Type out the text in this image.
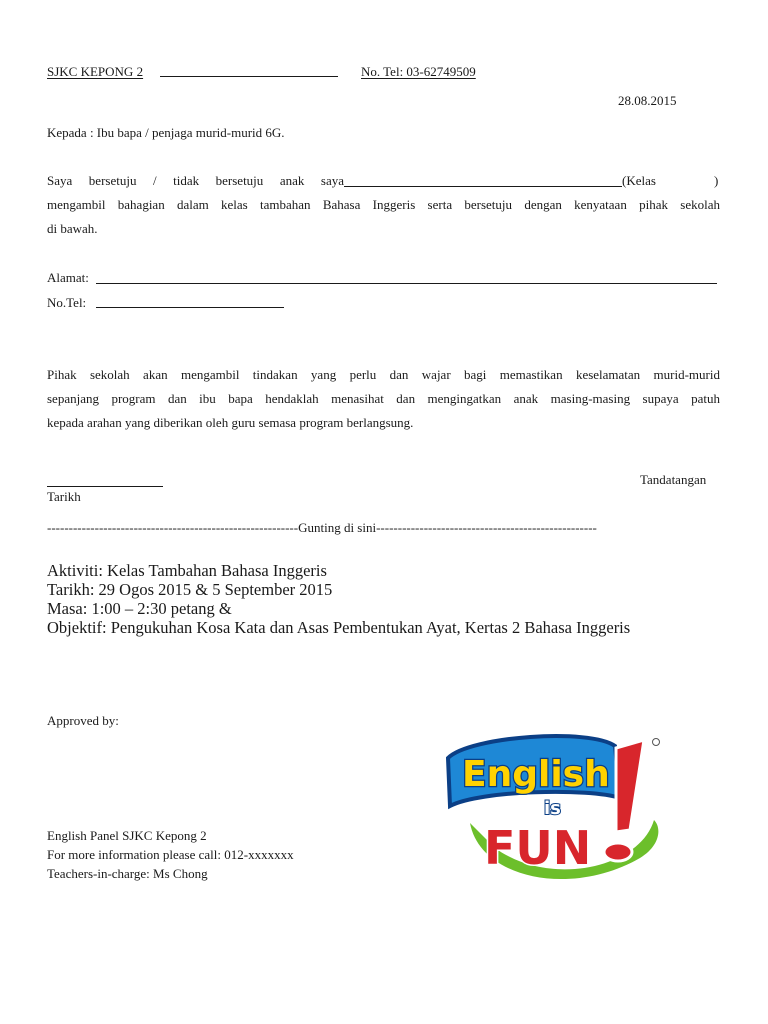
SJKC KEPONG 2	No. Tel: 03-62749509
28.08.2015
Kepada : Ibu bapa / penjaga murid-murid 6G.
Saya bersetuju / tidak bersetuju anak saya	(Kelas	)
mengambil bahagian dalam kelas tambahan Bahasa Inggeris serta bersetuju dengan kenyataan pihak sekolah
di bawah.
Alamat:
No.Tel:
Pihak sekolah akan mengambil tindakan yang perlu dan wajar bagi memastikan keselamatan murid-murid
sepanjang program dan ibu bapa hendaklah menasihat dan mengingatkan anak masing-masing supaya patuh
kepada arahan yang diberikan oleh guru semasa program berlangsung.
Tandatangan
Tarikh
----------------------------------------------------------Gunting di sini---------------------------------------------------
Aktiviti: Kelas Tambahan Bahasa Inggeris
Tarikh: 29 Ogos 2015 & 5 September 2015
Masa: 1:00 – 2:30 petang &
Objektif: Pengukuhan Kosa Kata dan Asas Pembentukan Ayat, Kertas 2 Bahasa Inggeris
Approved by:
English Panel SJKC Kepong 2
For more information please call: 012-xxxxxxx
Teachers-in-charge: Ms Chong
English
is
FUN
